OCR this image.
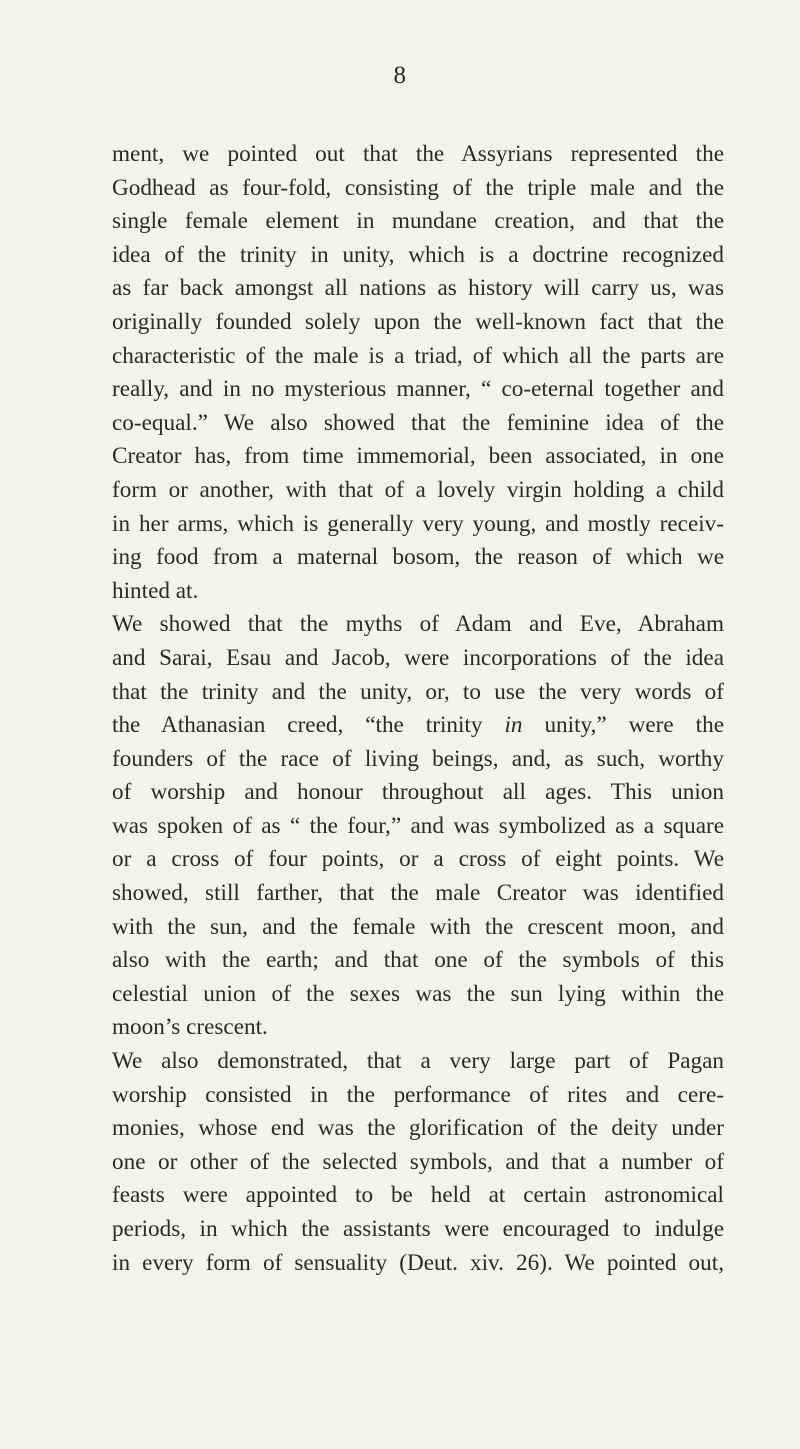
8
ment, we pointed out that the Assyrians represented the
Godhead as four-fold, consisting of the triple male and the
single female element in mundane creation, and that the
idea of the trinity in unity, which is a doctrine recognized
as far back amongst all nations as history will carry us, was
originally founded solely upon the well-known fact that the
characteristic of the male is a triad, of which all the parts are
really, and in no mysterious manner, “ co-eternal together and
co-equal.” We also showed that the feminine idea of the
Creator has, from time immemorial, been associated, in one
form or another, with that of a lovely virgin holding a child
in her arms, which is generally very young, and mostly receiv-
ing food from a maternal bosom, the reason of which we
hinted at.
We showed that the myths of Adam and Eve, Abraham
and Sarai, Esau and Jacob, were incorporations of the idea
that the trinity and the unity, or, to use the very words of
the Athanasian creed, “the trinity in unity,” were the
founders of the race of living beings, and, as such, worthy
of worship and honour throughout all ages. This union
was spoken of as “ the four,” and was symbolized as a square
or a cross of four points, or a cross of eight points. We
showed, still farther, that the male Creator was identified
with the sun, and the female with the crescent moon, and
also with the earth; and that one of the symbols of this
celestial union of the sexes was the sun lying within the
moon’s crescent.
We also demonstrated, that a very large part of Pagan
worship consisted in the performance of rites and cere-
monies, whose end was the glorification of the deity under
one or other of the selected symbols, and that a number of
feasts were appointed to be held at certain astronomical
periods, in which the assistants were encouraged to indulge
in every form of sensuality (Deut. xiv. 26). We pointed out,
